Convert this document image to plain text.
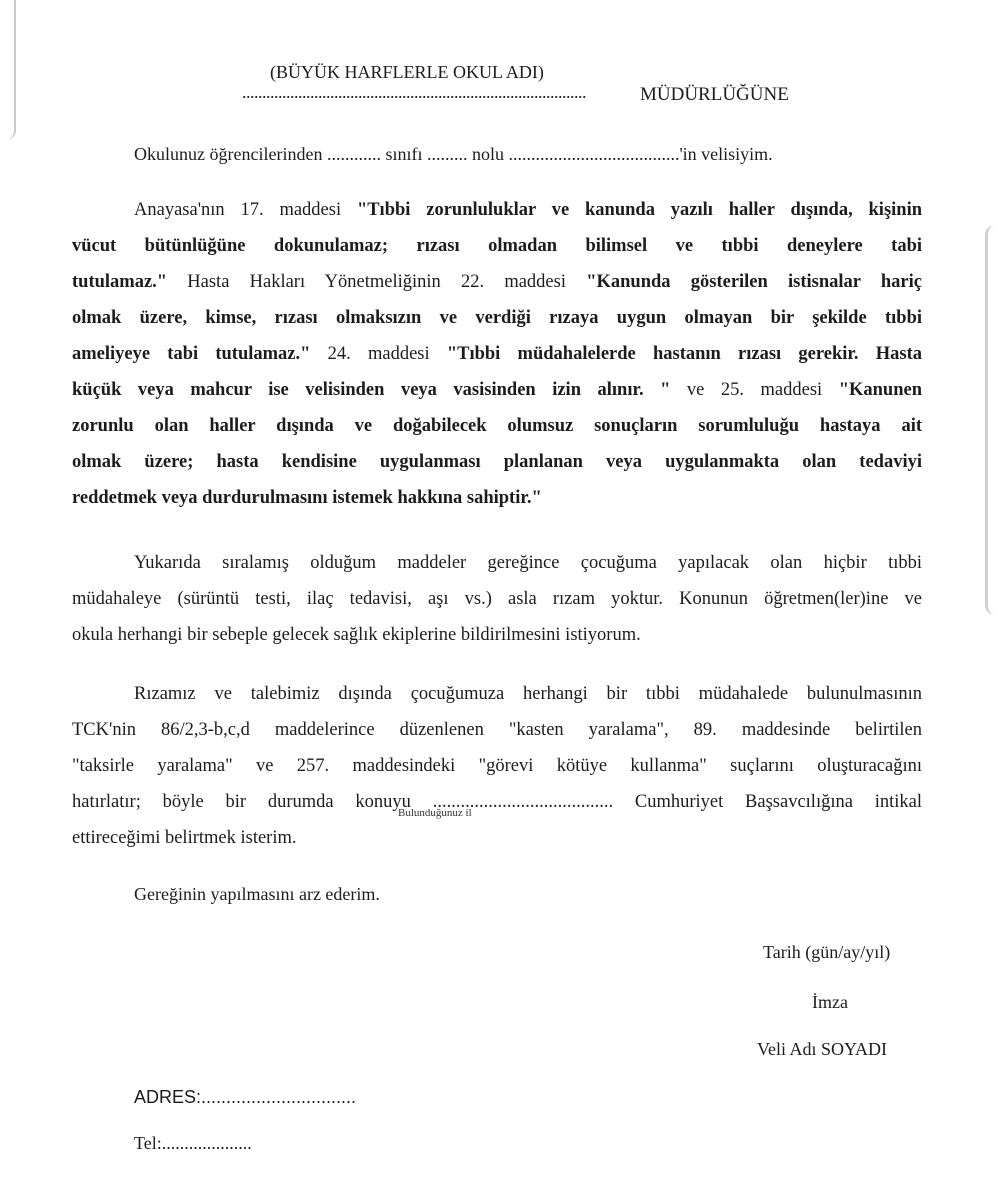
(BÜYÜK HARFLERLE OKUL ADI)
......................................................................................	MÜDÜRLÜĞÜNE
Okulunuz öğrencilerinden ............ sınıfı ......... nolu ......................................'in velisiyim.
Anayasa'nın 17. maddesi "Tıbbi zorunluluklar ve kanunda yazılı haller dışında, kişinin
vücut bütünlüğüne dokunulamaz; rızası olmadan bilimsel ve tıbbi deneylere tabi
tutulamaz." Hasta Hakları Yönetmeliğinin 22. maddesi "Kanunda gösterilen istisnalar hariç
olmak üzere, kimse, rızası olmaksızın ve verdiği rızaya uygun olmayan bir şekilde tıbbi
ameliyeye tabi tutulamaz." 24. maddesi "Tıbbi müdahalelerde hastanın rızası gerekir. Hasta
küçük veya mahcur ise velisinden veya vasisinden izin alınır. " ve 25. maddesi "Kanunen
zorunlu olan haller dışında ve doğabilecek olumsuz sonuçların sorumluluğu hastaya ait
olmak üzere; hasta kendisine uygulanması planlanan veya uygulanmakta olan tedaviyi
reddetmek veya durdurulmasını istemek hakkına sahiptir."
Yukarıda sıralamış olduğum maddeler gereğince çocuğuma yapılacak olan hiçbir tıbbi
müdahaleye (sürüntü testi, ilaç tedavisi, aşı vs.) asla rızam yoktur. Konunun öğretmen(ler)ine ve
okula herhangi bir sebeple gelecek sağlık ekiplerine bildirilmesini istiyorum.
Rızamız ve talebimiz dışında çocuğumuza herhangi bir tıbbi müdahalede bulunulmasının
TCK'nin 86/2,3-b,c,d maddelerince düzenlenen "kasten yaralama", 89. maddesinde belirtilen
"taksirle yaralama" ve 257. maddesindeki "görevi kötüye kullanma" suçlarını oluşturacağını
hatırlatır; böyle bir durumda konuyu ....................................... Cumhuriyet Başsavcılığına intikal
ettireceğimi belirtmek isterim.
Bulunduğunuz il
Gereğinin yapılmasını arz ederim.
Tarih (gün/ay/yıl)
İmza
Veli Adı SOYADI
ADRES:...............................
Tel:....................
